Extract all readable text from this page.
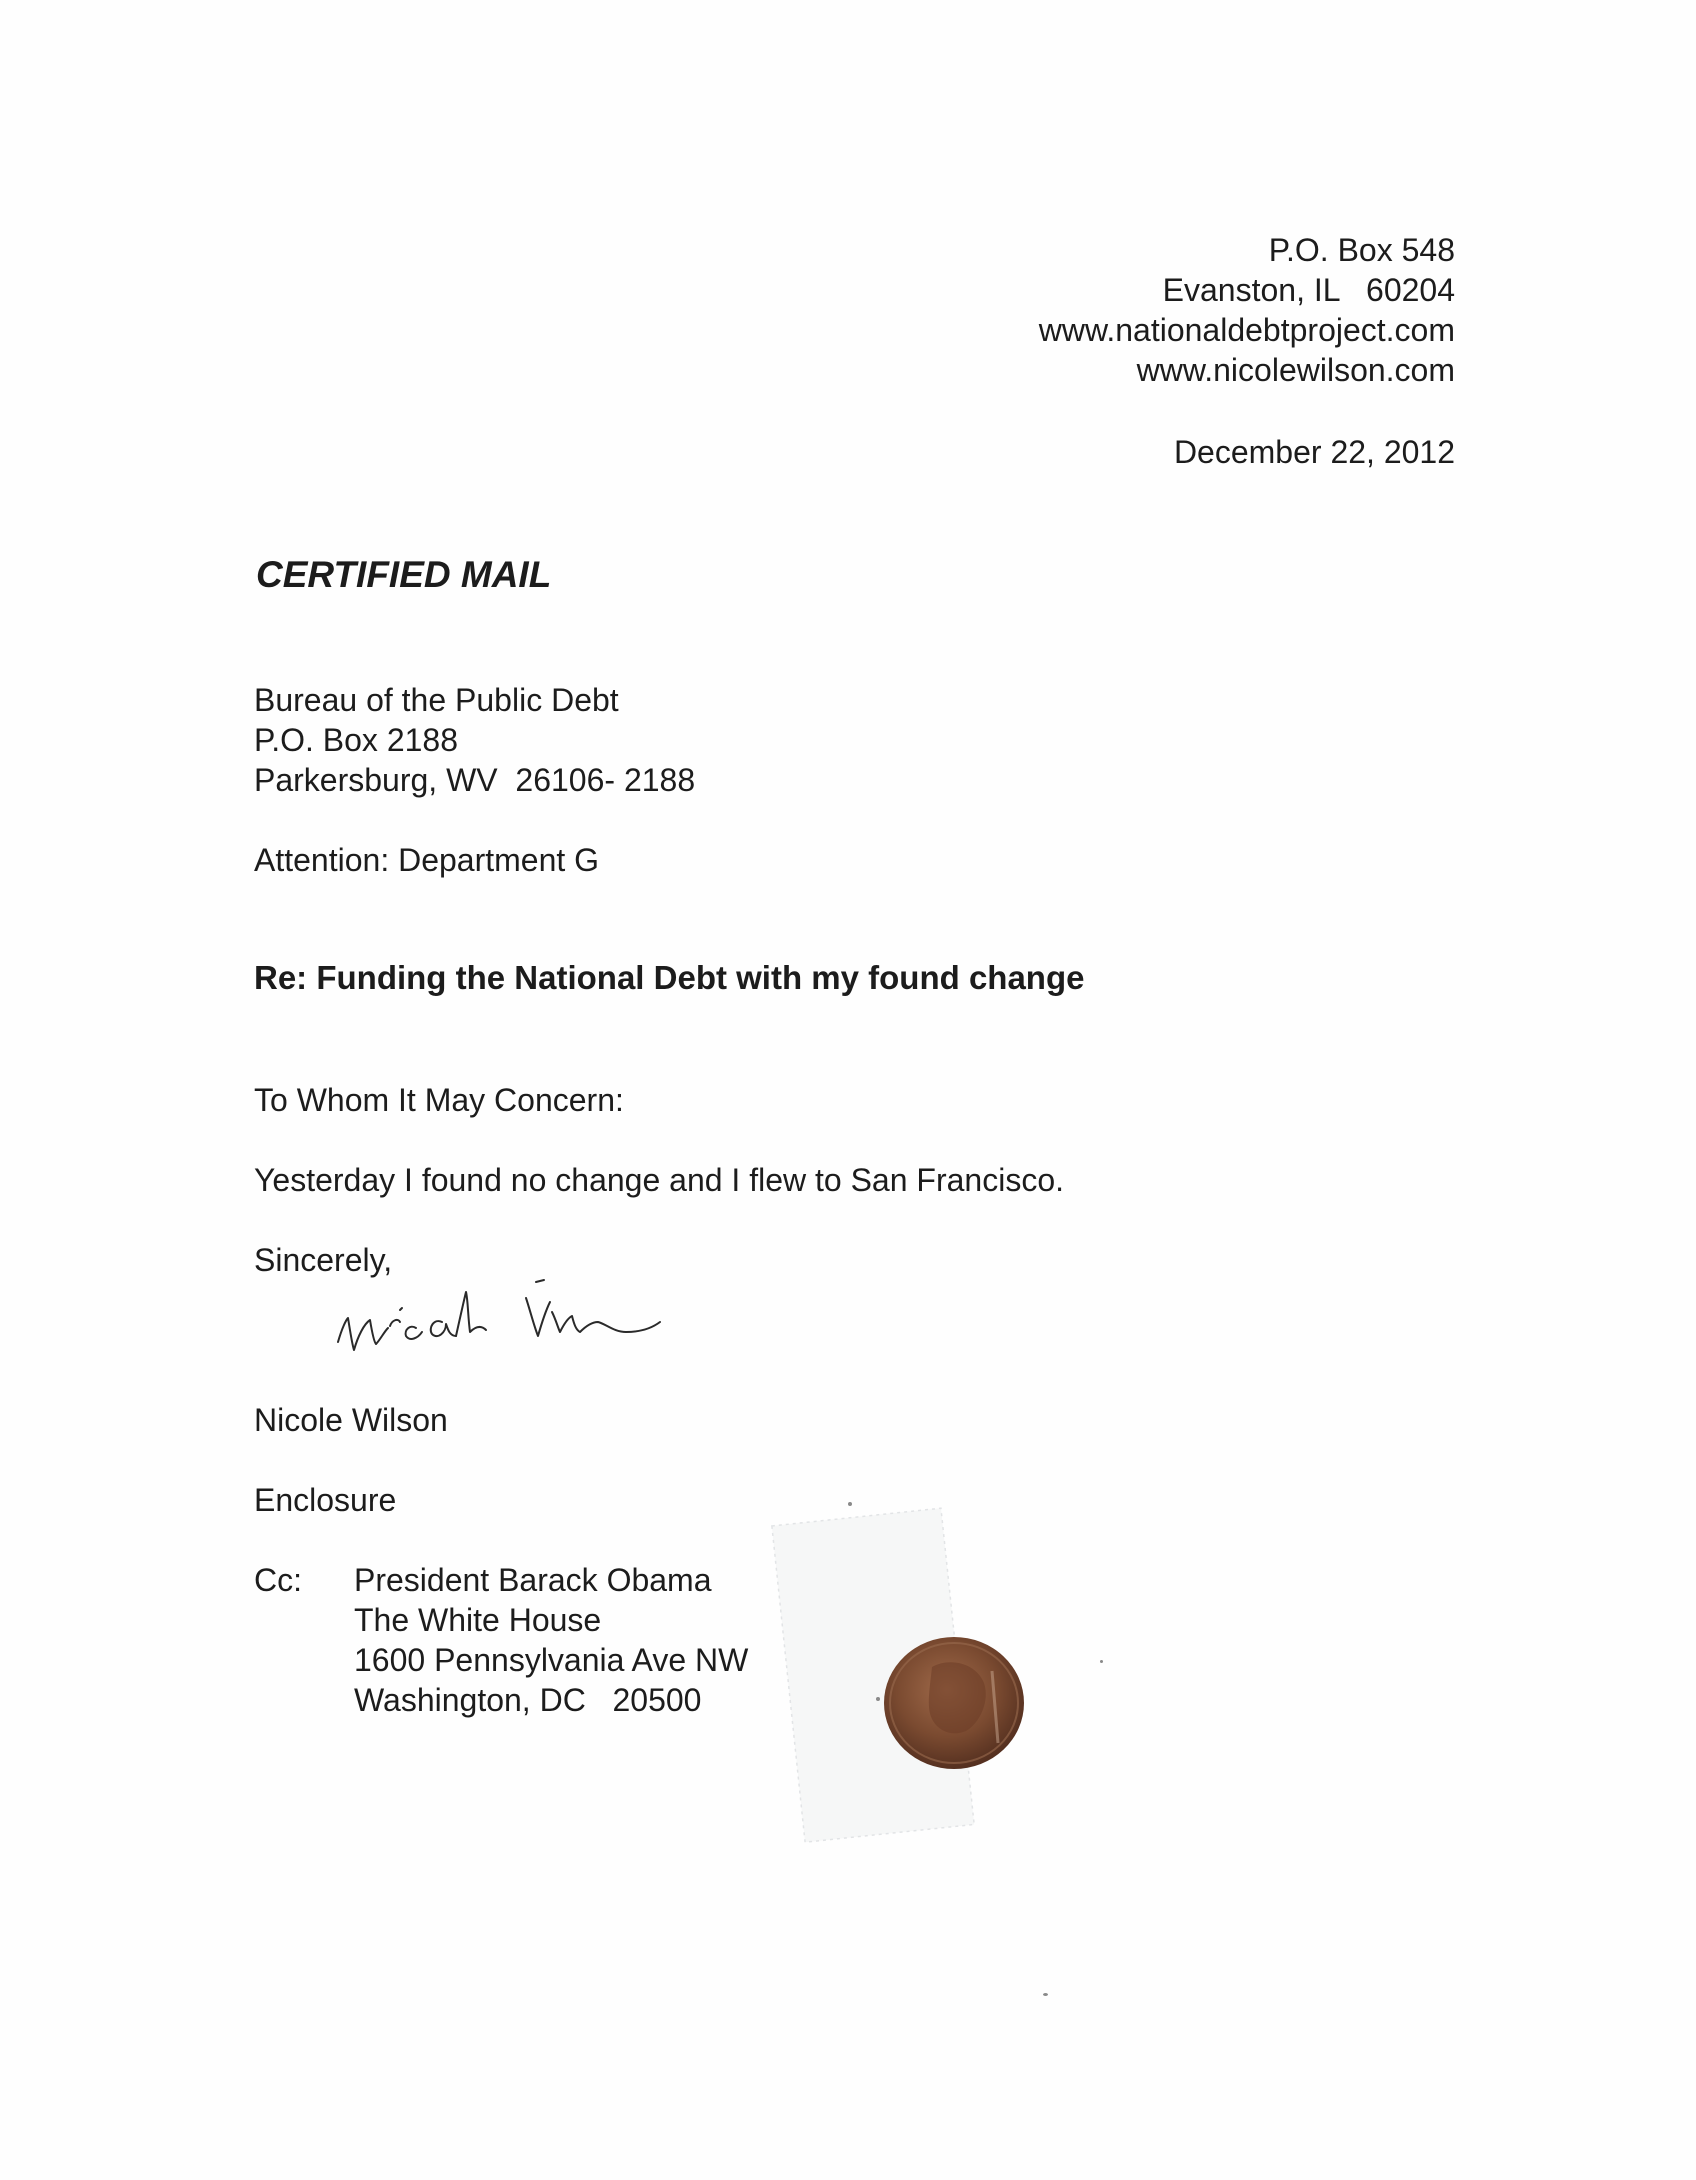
P.O. Box 548
Evanston, IL   60204
www.nationaldebtproject.com
www.nicolewilson.com
December 22, 2012
CERTIFIED MAIL
Bureau of the Public Debt
P.O. Box 2188
Parkersburg, WV  26106- 2188
Attention: Department G
Re: Funding the National Debt with my found change
To Whom It May Concern:
Yesterday I found no change and I flew to San Francisco.
Sincerely,
Nicole Wilson
Enclosure
Cc: President Barack Obama
The White House
1600 Pennsylvania Ave NW
Washington, DC   20500
